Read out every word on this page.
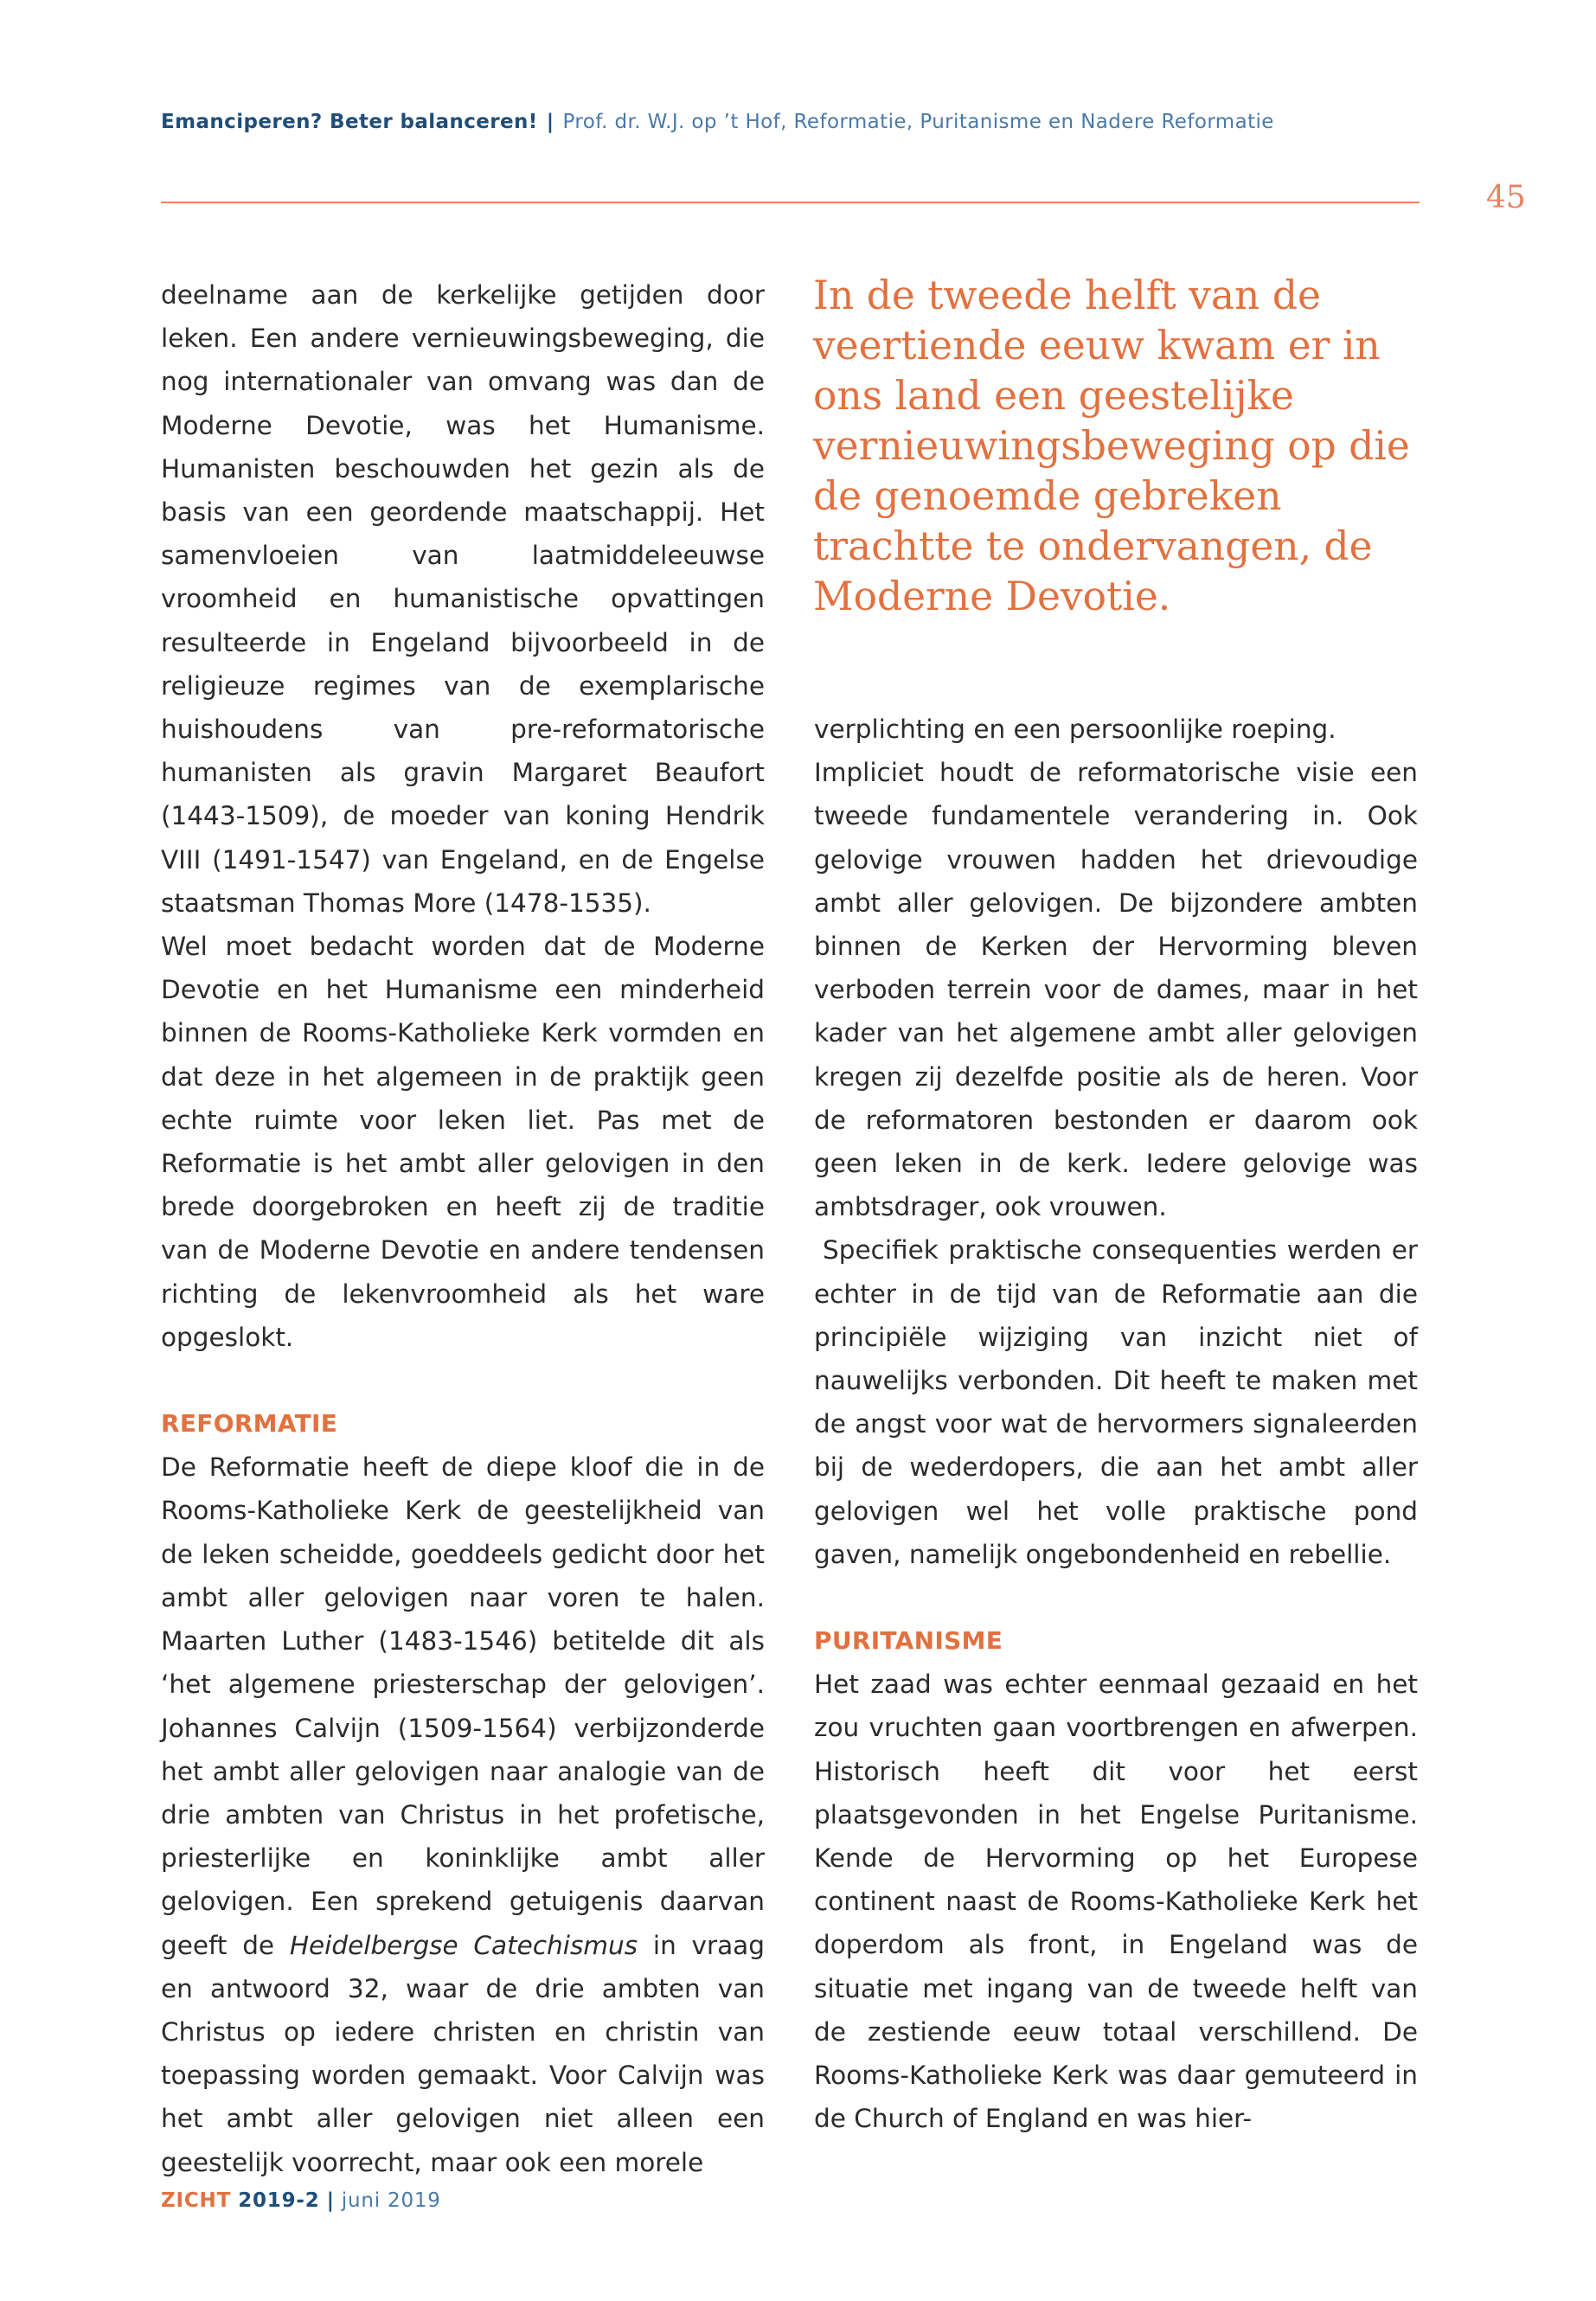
Emanciperen? Beter balanceren! | Prof. dr. W.J. op ’t Hof, Reformatie, Puritanisme en Nadere Reformatie
45

deelname aan de kerkelijke getijden door leken. Een andere vernieuwingsbeweging, die nog internationaler van omvang was dan de Moderne Devotie, was het Humanisme. Humanisten beschouwden het gezin als de basis van een geordende maatschappij. Het samenvloeien van laatmiddeleeuwse vroomheid en humanistische opvattingen resulteerde in Engeland bijvoorbeeld in de religieuze regimes van de exemplarische huishoudens van pre-reformatorische humanisten als gravin Margaret Beaufort (1443-1509), de moeder van koning Hendrik VIII (1491-1547) van Engeland, en de Engelse staatsman Thomas More (1478-1535).

Wel moet bedacht worden dat de Moderne Devotie en het Humanisme een minderheid binnen de Rooms-Katholieke Kerk vormden en dat deze in het algemeen in de praktijk geen echte ruimte voor leken liet. Pas met de Reformatie is het ambt aller gelovigen in den brede doorgebroken en heeft zij de traditie van de Moderne Devotie en andere tendensen richting de lekenvroomheid als het ware opgeslokt.

REFORMATIE

De Reformatie heeft de diepe kloof die in de Rooms-Katholieke Kerk de geestelijkheid van de leken scheidde, goeddeels gedicht door het ambt aller gelovigen naar voren te halen. Maarten Luther (1483-1546) betitelde dit als ‘het algemene priesterschap der gelovigen’. Johannes Calvijn (1509-1564) verbijzonderde het ambt aller gelovigen naar analogie van de drie ambten van Christus in het profetische, priesterlijke en koninklijke ambt aller gelovigen. Een sprekend getuigenis daarvan geeft de Heidelbergse Catechismus in vraag en antwoord 32, waar de drie ambten van Christus op iedere christen en christin van toepassing worden gemaakt. Voor Calvijn was het ambt aller gelovigen niet alleen een geestelijk voorrecht, maar ook een morele

In de tweede helft van de veertiende eeuw kwam er in ons land een geestelijke vernieuwingsbeweging op die de genoemde gebreken trachtte te ondervangen, de Moderne Devotie.

verplichting en een persoonlijke roeping.

Impliciet houdt de reformatorische visie een tweede fundamentele verandering in. Ook gelovige vrouwen hadden het drievoudige ambt aller gelovigen. De bijzondere ambten binnen de Kerken der Hervorming bleven verboden terrein voor de dames, maar in het kader van het algemene ambt aller gelovigen kregen zij dezelfde positie als de heren. Voor de reformatoren bestonden er daarom ook geen leken in de kerk. Iedere gelovige was ambtsdrager, ook vrouwen.

Specifiek praktische consequenties werden er echter in de tijd van de Reformatie aan die principiële wijziging van inzicht niet of nauwelijks verbonden. Dit heeft te maken met de angst voor wat de hervormers signaleerden bij de wederdopers, die aan het ambt aller gelovigen wel het volle praktische pond gaven, namelijk ongebondenheid en rebellie.

PURITANISME

Het zaad was echter eenmaal gezaaid en het zou vruchten gaan voortbrengen en afwerpen. Historisch heeft dit voor het eerst plaatsgevonden in het Engelse Puritanisme. Kende de Hervorming op het Europese continent naast de Rooms-Katholieke Kerk het doperdom als front, in Engeland was de situatie met ingang van de tweede helft van de zestiende eeuw totaal verschillend. De Rooms-Katholieke Kerk was daar gemuteerd in de Church of England en was hier-

ZICHT 2019-2 | juni 2019
